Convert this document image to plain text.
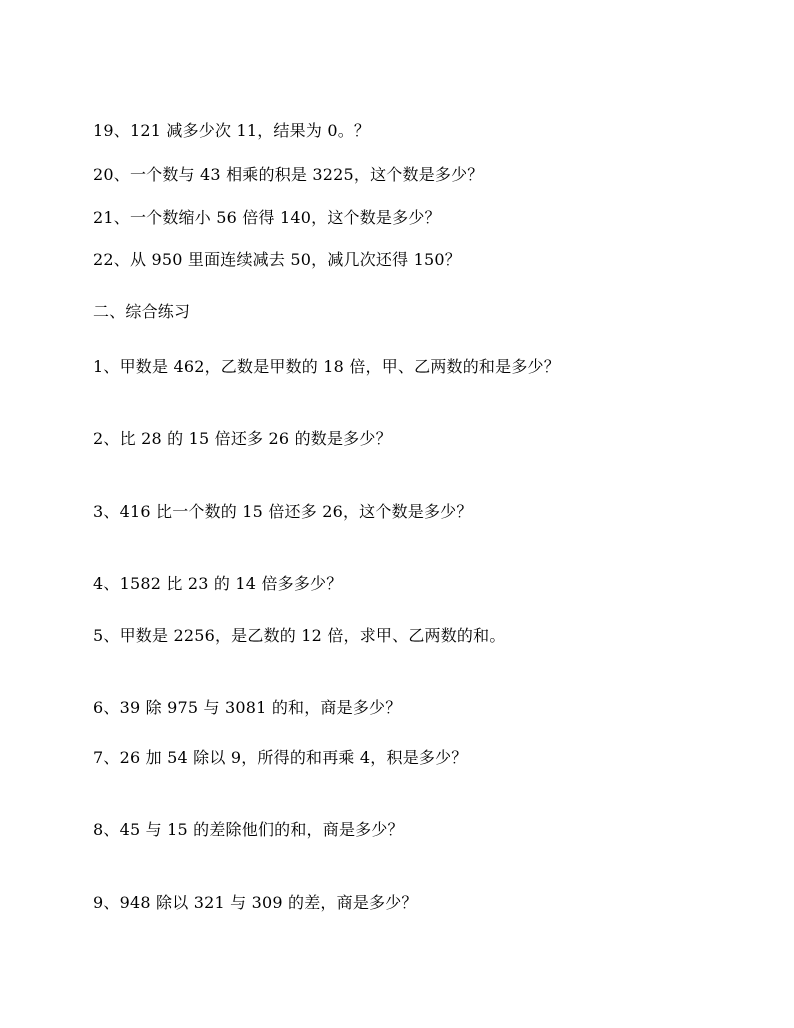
19、121 减多少次 11，结果为 0。？
20、一个数与 43 相乘的积是 3225，这个数是多少？
21、一个数缩小 56 倍得 140，这个数是多少？
22、从 950 里面连续减去 50，减几次还得 150？
二、综合练习
1、甲数是 462，乙数是甲数的 18 倍，甲、乙两数的和是多少？
2、比 28 的 15 倍还多 26 的数是多少？
3、416 比一个数的 15 倍还多 26，这个数是多少？
4、1582 比 23 的 14 倍多多少？
5、甲数是 2256，是乙数的 12 倍，求甲、乙两数的和。
6、39 除 975 与 3081 的和，商是多少？
7、26 加 54 除以 9，所得的和再乘 4，积是多少？
8、45 与 15 的差除他们的和，商是多少？
9、948 除以 321 与 309 的差，商是多少？
